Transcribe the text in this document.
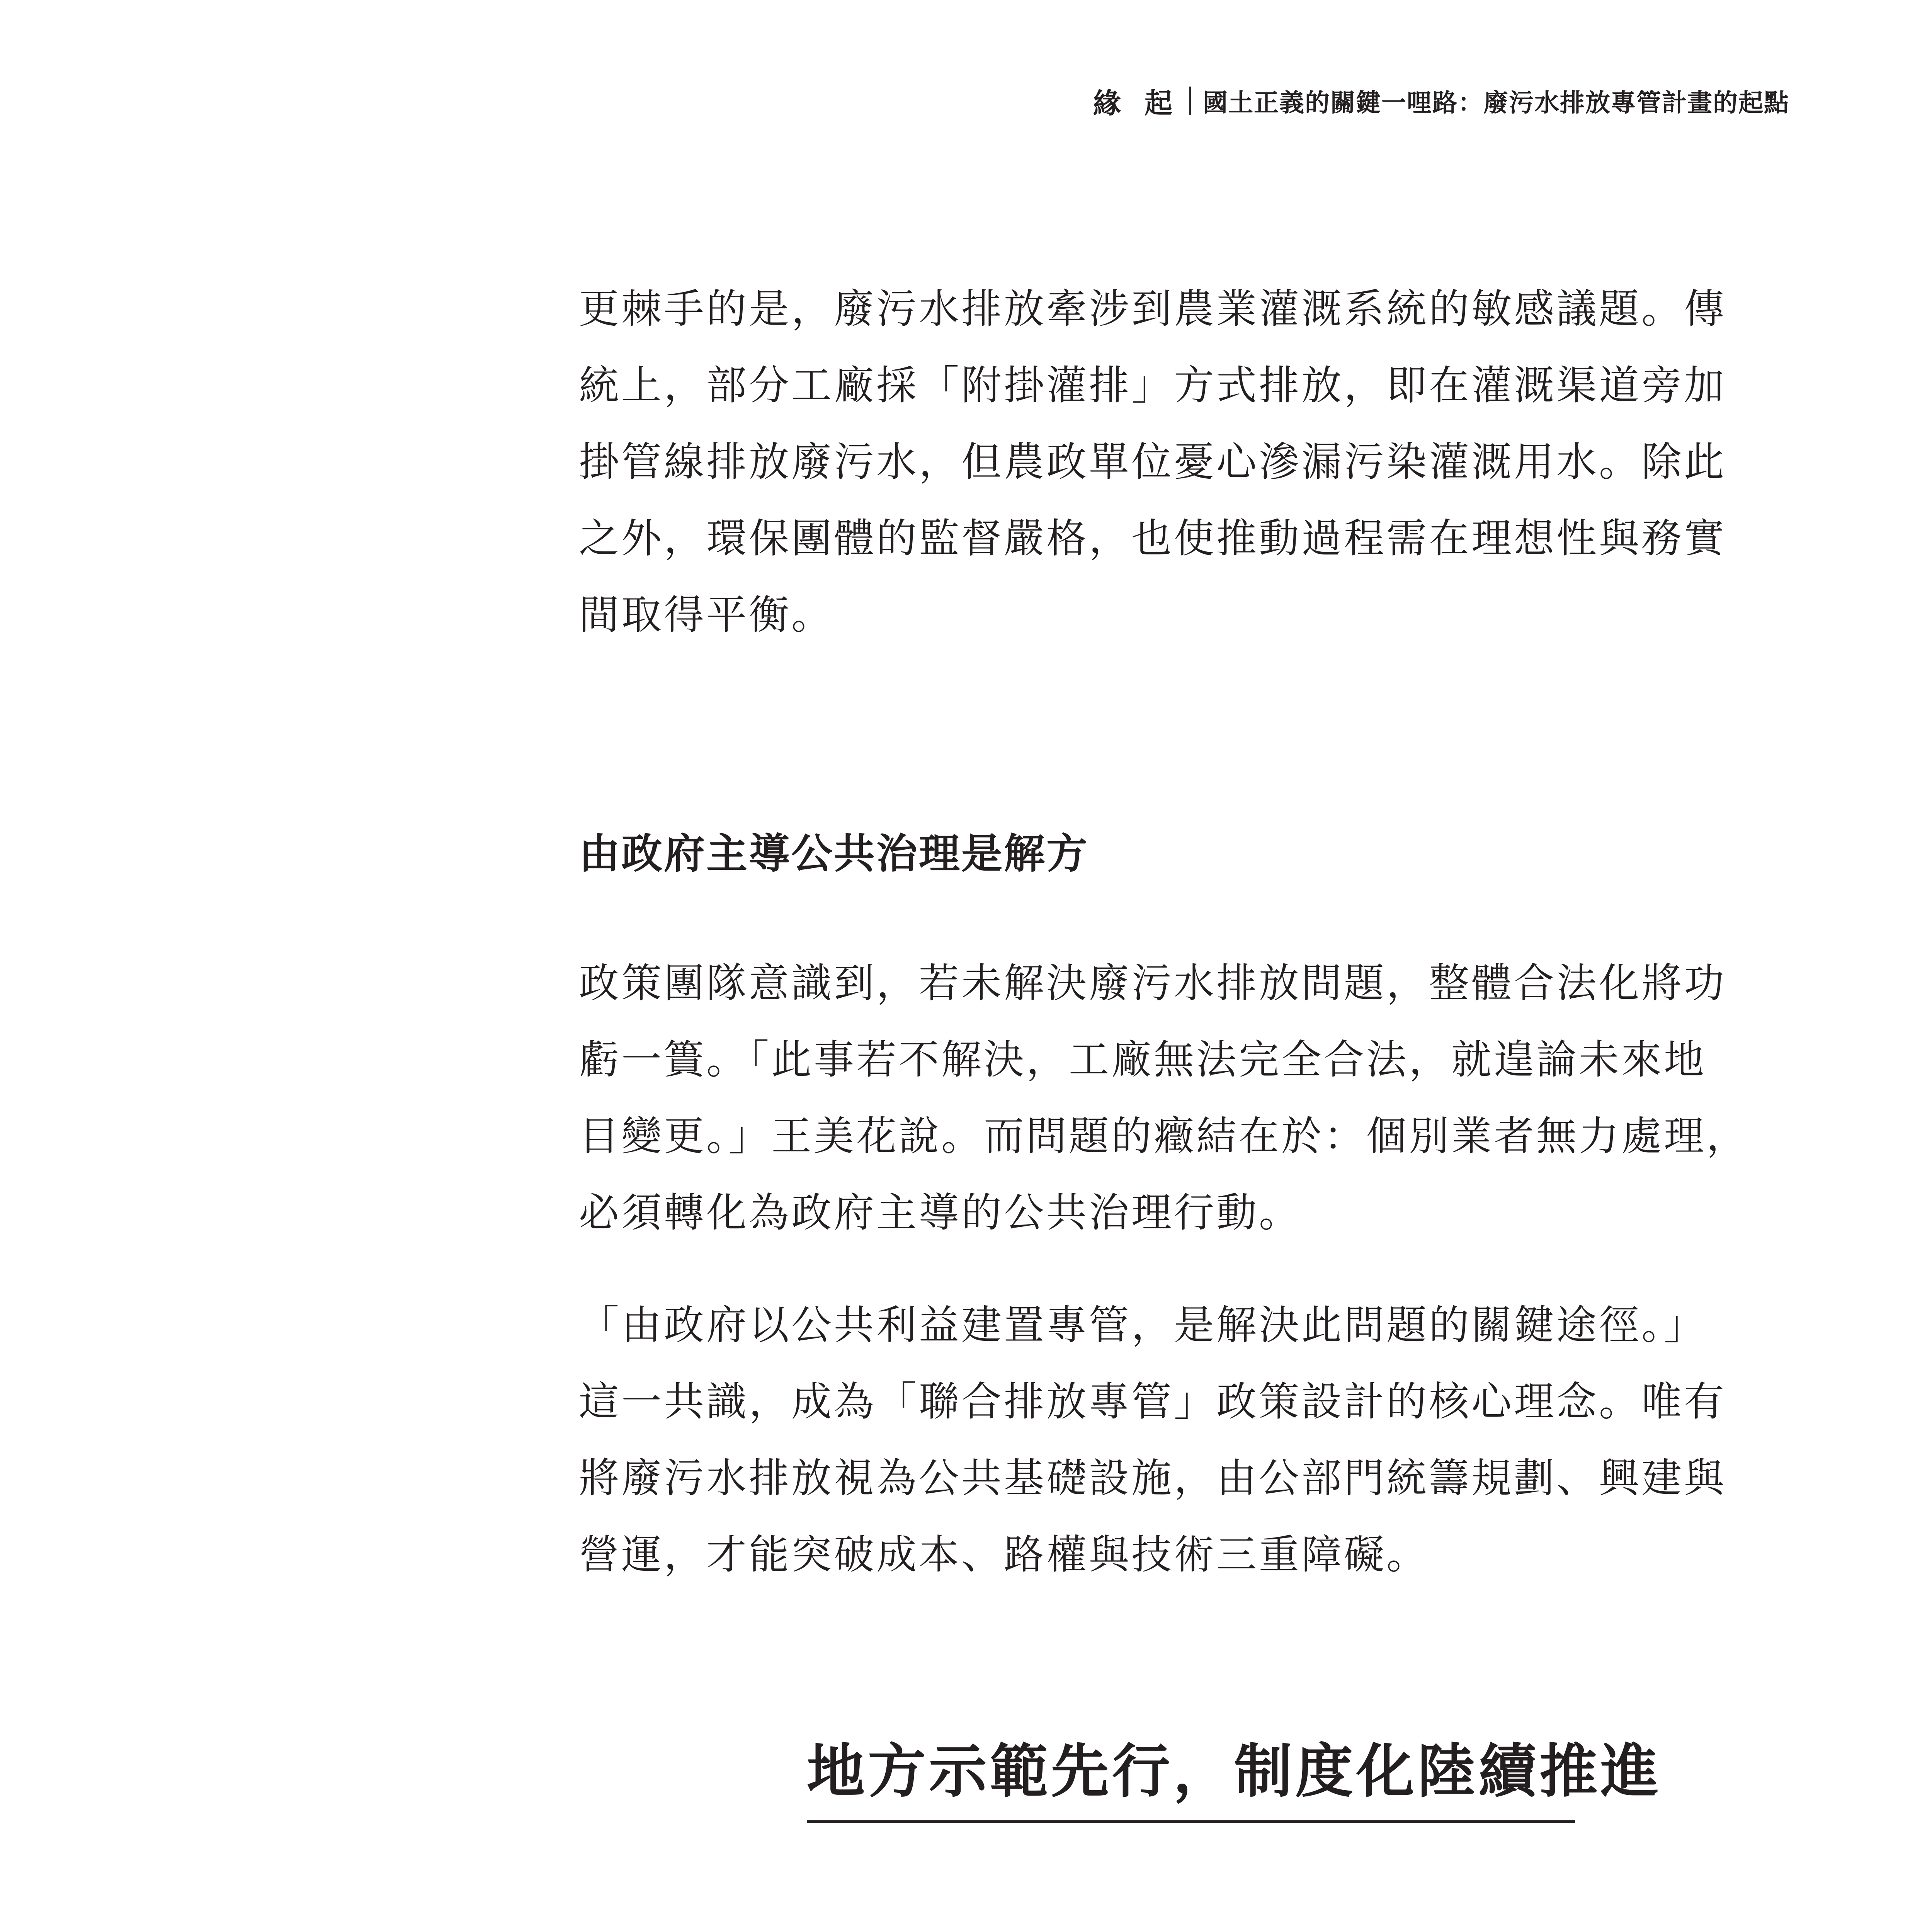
緣 起 國土正義的關鍵一哩路：廢污水排放專管計畫的起點

更棘手的是，廢污水排放牽涉到農業灌溉系統的敏感議題。傳
統上，部分工廠採「附掛灌排」方式排放，即在灌溉渠道旁加
掛管線排放廢污水，但農政單位憂心滲漏污染灌溉用水。除此
之外，環保團體的監督嚴格，也使推動過程需在理想性與務實
間取得平衡。

由政府主導公共治理是解方

政策團隊意識到，若未解決廢污水排放問題，整體合法化將功
虧一簣。「此事若不解決，工廠無法完全合法，就遑論未來地
目變更。」王美花說。而問題的癥結在於：個別業者無力處理，
必須轉化為政府主導的公共治理行動。

「由政府以公共利益建置專管，是解決此問題的關鍵途徑。」
這一共識，成為「聯合排放專管」政策設計的核心理念。唯有
將廢污水排放視為公共基礎設施，由公部門統籌規劃、興建與
營運，才能突破成本、路權與技術三重障礙。

地方示範先行，制度化陸續推進
